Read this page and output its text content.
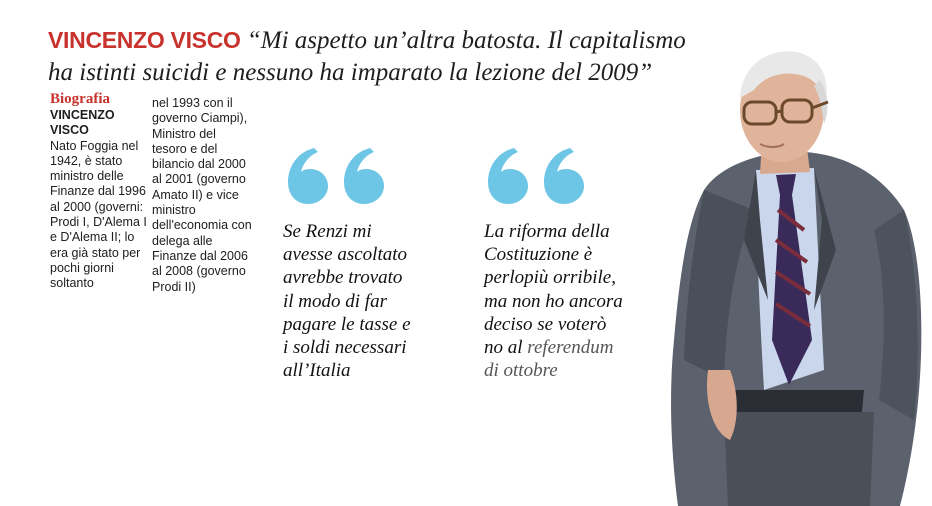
VINCENZO VISCO “Mi aspetto un’altra batosta. Il capitalismo ha istinti suicidi e nessuno ha imparato la lezione del 2009”

Biografia
VINCENZO VISCO
Nato Foggia nel 1942, è stato ministro delle Finanze dal 1996 al 2000 (governi: Prodi I, D'Alema I e D'Alema II; lo era già stato per pochi giorni soltanto
nel 1993 con il governo Ciampi), Ministro del tesoro e del bilancio dal 2000 al 2001 (governo Amato II) e vice ministro dell'economia con delega alle Finanze dal 2006 al 2008 (governo Prodi II)

Se Renzi mi avesse ascoltato avrebbe trovato il modo di far pagare le tasse e i soldi necessari all’Italia

La riforma della Costituzione è perlopiù orribile, ma non ho ancora deciso se voterò no al referendum di ottobre
